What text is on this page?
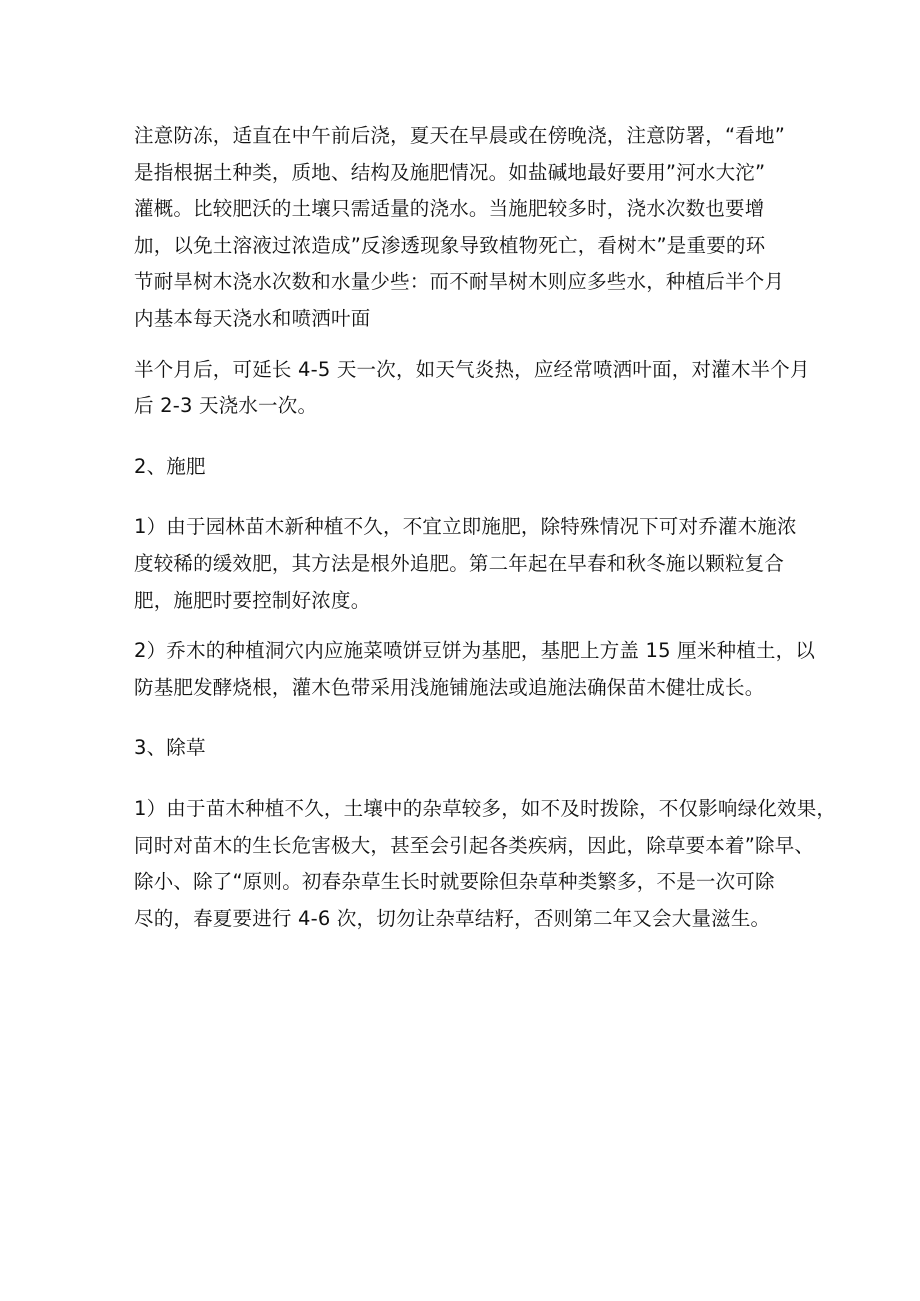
注意防冻，适直在中午前后浇，夏天在早晨或在傍晚浇，注意防署，“看地”
是指根据土种类，质地、结构及施肥情况。如盐碱地最好要用”河水大沱”
灌概。比较肥沃的土壤只需适量的浇水。当施肥较多时，浇水次数也要增
加，以免土溶液过浓造成”反渗透现象导致植物死亡，看树木”是重要的环
节耐旱树木浇水次数和水量少些：而不耐旱树木则应多些水，种植后半个月
内基本每天浇水和喷洒叶面

半个月后，可延长 4-5 天一次，如天气炎热，应经常喷洒叶面，对灌木半个月
后 2-3 天浇水一次。

2、施肥

1）由于园林苗木新种植不久，不宜立即施肥，除特殊情况下可对乔灌木施浓
度较稀的缓效肥，其方法是根外追肥。第二年起在早春和秋冬施以颗粒复合
肥，施肥时要控制好浓度。

2）乔木的种植洞穴内应施菜喷饼豆饼为基肥，基肥上方盖 15 厘米种植土，以
防基肥发酵烧根，灌木色带采用浅施铺施法或追施法确保苗木健壮成长。

3、除草

1）由于苗木种植不久，土壤中的杂草较多，如不及时拨除，不仅影响绿化效果，
同时对苗木的生长危害极大，甚至会引起各类疾病，因此，除草要本着”除早、
除小、除了“原则。初春杂草生长时就要除但杂草种类繁多，不是一次可除
尽的，春夏要进行 4-6 次，切勿让杂草结籽，否则第二年又会大量滋生。
